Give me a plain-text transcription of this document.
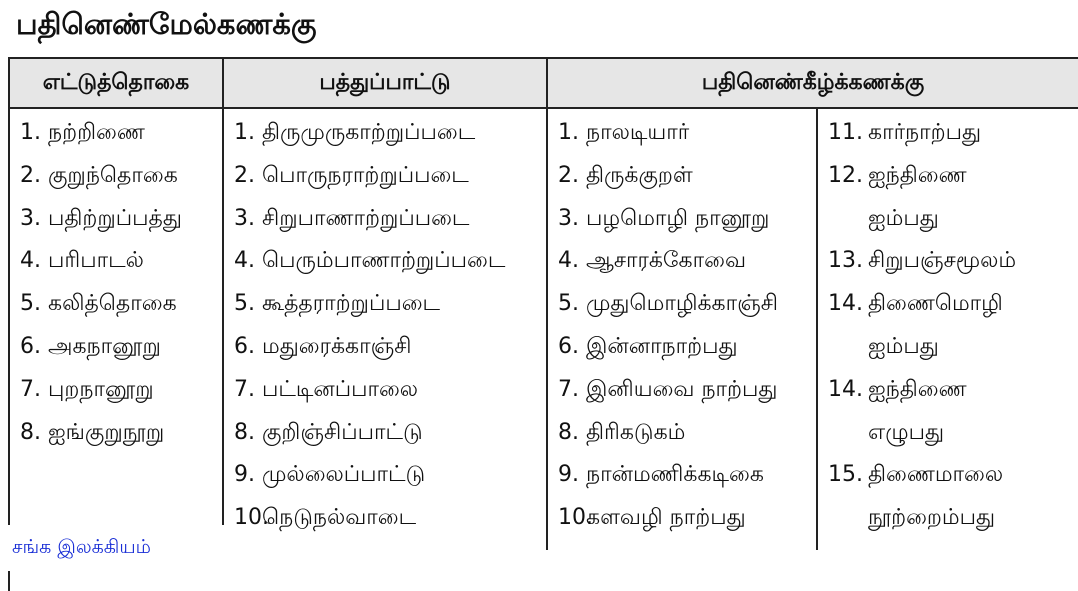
பதினெண்மேல்கணக்கு
எட்டுத்தொகை	பத்துப்பாட்டு	பதினெண்கீழ்க்கணக்கு
1. நற்றிணை
2. குறுந்தொகை
3. பதிற்றுப்பத்து
4. பரிபாடல்
5. கலித்தொகை
6. அகநானூறு
7. புறநானூறு
8. ஐங்குறுநூறு
1. திருமுருகாற்றுப்படை
2. பொருநராற்றுப்படை
3. சிறுபாணாற்றுப்படை
4. பெரும்பாணாற்றுப்படை
5. கூத்தராற்றுப்படை
6. மதுரைக்காஞ்சி
7. பட்டினப்பாலை
8. குறிஞ்சிப்பாட்டு
9. முல்லைப்பாட்டு
10.நெடுநல்வாடை
1. நாலடியார்
2. திருக்குறள்
3. பழமொழி நானூறு
4. ஆசாரக்கோவை
5. முதுமொழிக்காஞ்சி
6. இன்னாநாற்பது
7. இனியவை நாற்பது
8. திரிகடுகம்
9. நான்மணிக்கடிகை
10.களவழி நாற்பது
11. கார்நாற்பது
12. ஐந்திணை
ஐம்பது
13. சிறுபஞ்சமூலம்
14. திணைமொழி
ஐம்பது
14. ஐந்திணை
எழுபது
15. திணைமாலை
நூற்றைம்பது
சங்க இலக்கியம்
